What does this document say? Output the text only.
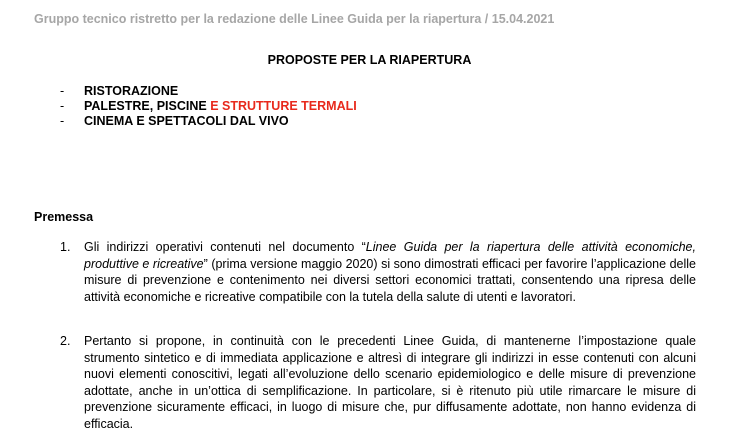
Gruppo tecnico ristretto per la redazione delle Linee Guida per la riapertura / 15.04.2021
PROPOSTE PER LA RIAPERTURA
- RISTORAZIONE
- PALESTRE, PISCINE E STRUTTURE TERMALI
- CINEMA E SPETTACOLI DAL VIVO
Premessa
1. Gli indirizzi operativi contenuti nel documento “Linee Guida per la riapertura delle attività economiche, produttive e ricreative” (prima versione maggio 2020) si sono dimostrati efficaci per favorire l’applicazione delle misure di prevenzione e contenimento nei diversi settori economici trattati, consentendo una ripresa delle attività economiche e ricreative compatibile con la tutela della salute di utenti e lavoratori.
2. Pertanto si propone, in continuità con le precedenti Linee Guida, di mantenerne l’impostazione quale strumento sintetico e di immediata applicazione e altresì di integrare gli indirizzi in esse contenuti con alcuni nuovi elementi conoscitivi, legati all’evoluzione dello scenario epidemiologico e delle misure di prevenzione adottate, anche in un’ottica di semplificazione. In particolare, si è ritenuto più utile rimarcare le misure di prevenzione sicuramente efficaci, in luogo di misure che, pur diffusamente adottate, non hanno evidenza di efficacia.
